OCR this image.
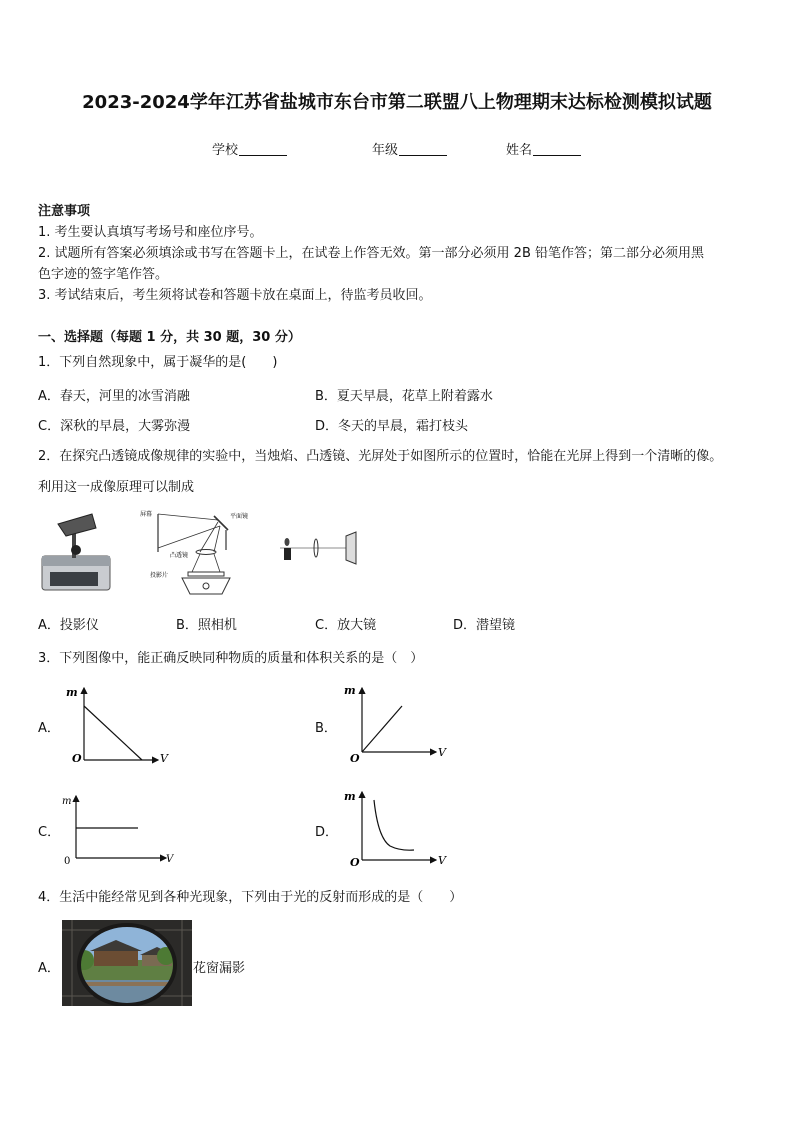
2023-2024学年江苏省盐城市东台市第二联盟八上物理期末达标检测模拟试题
学校	年级	姓名
注意事项
1. 考生要认真填写考场号和座位序号。
2. 试题所有答案必须填涂或书写在答题卡上，在试卷上作答无效。第一部分必须用 2B 铅笔作答；第二部分必须用黑
色字迹的签字笔作答。
3. 考试结束后，考生须将试卷和答题卡放在桌面上，待监考员收回。
一、选择题（每题 1 分，共 30 题，30 分）
1．下列自然现象中，属于凝华的是(　　)
A．春天，河里的冰雪消融	B．夏天早晨，花草上附着露水
C．深秋的早晨，大雾弥漫	D．冬天的早晨，霜打枝头
2．在探究凸透镜成像规律的实验中，当烛焰、凸透镜、光屏处于如图所示的位置时，恰能在光屏上得到一个清晰的像。
利用这一成像原理可以制成
屏幕	平面镜
凸透镜
投影片
A．投影仪	B．照相机	C．放大镜	D．潜望镜
3．下列图像中，能正确反映同种物质的质量和体积关系的是（　）
A．
m
O	V
B．
m
O	V
C．
m
0	V
D．
m
O	V
4．生活中能经常见到各种光现象，下列由于光的反射而形成的是（　　）
A．	花窗漏影
